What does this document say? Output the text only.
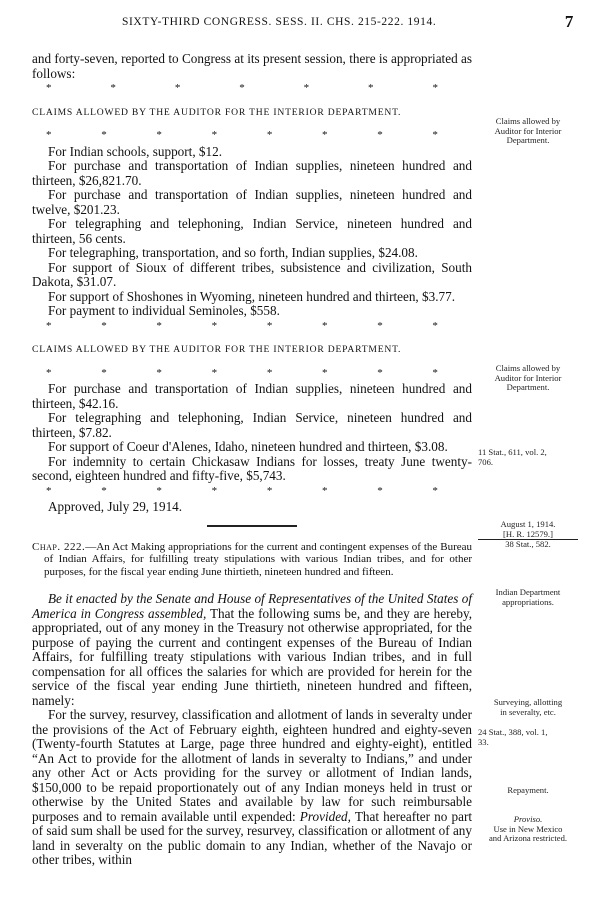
SIXTY-THIRD CONGRESS. SESS. II. CHS. 215-222. 1914.	7

and forty-seven, reported to Congress at its present session, there is appropriated as follows:

*	*	*	*	*	*	*

CLAIMS ALLOWED BY THE AUDITOR FOR THE INTERIOR DEPARTMENT.

*	*	*	*	*	*	*	*

For Indian schools, support, $12.

For purchase and transportation of Indian supplies, nineteen hundred and thirteen, $26,821.70.

For purchase and transportation of Indian supplies, nineteen hundred and twelve, $201.23.

For telegraphing and telephoning, Indian Service, nineteen hundred and thirteen, 56 cents.

For telegraphing, transportation, and so forth, Indian supplies, $24.08.

For support of Sioux of different tribes, subsistence and civilization, South Dakota, $31.07.

For support of Shoshones in Wyoming, nineteen hundred and thirteen, $3.77.

For payment to individual Seminoles, $558.

*	*	*	*	*	*	*	*

CLAIMS ALLOWED BY THE AUDITOR FOR THE INTERIOR DEPARTMENT.

*	*	*	*	*	*	*	*

For purchase and transportation of Indian supplies, nineteen hundred and thirteen, $42.16.

For telegraphing and telephoning, Indian Service, nineteen hundred and thirteen, $7.82.

For support of Coeur d'Alenes, Idaho, nineteen hundred and thirteen, $3.08.

For indemnity to certain Chickasaw Indians for losses, treaty June twenty-second, eighteen hundred and fifty-five, $5,743.

*	*	*	*	*	*	*	*

Approved, July 29, 1914.

Chap. 222.—An Act Making appropriations for the current and contingent expenses of the Bureau of Indian Affairs, for fulfilling treaty stipulations with various Indian tribes, and for other purposes, for the fiscal year ending June thirtieth, nineteen hundred and fifteen.

Be it enacted by the Senate and House of Representatives of the United States of America in Congress assembled, That the following sums be, and they are hereby, appropriated, out of any money in the Treasury not otherwise appropriated, for the purpose of paying the current and contingent expenses of the Bureau of Indian Affairs, for fulfilling treaty stipulations with various Indian tribes, and in full compensation for all offices the salaries for which are provided for herein for the service of the fiscal year ending June thirtieth, nineteen hundred and fifteen, namely:

For the survey, resurvey, classification and allotment of lands in severalty under the provisions of the Act of February eighth, eighteen hundred and eighty-seven (Twenty-fourth Statutes at Large, page three hundred and eighty-eight), entitled “An Act to provide for the allotment of lands in severalty to Indians,” and under any other Act or Acts providing for the survey or allotment of Indian lands, $150,000 to be repaid proportionately out of any Indian moneys held in trust or otherwise by the United States and available by law for such reimbursable purposes and to remain available until expended: Provided, That hereafter no part of said sum shall be used for the survey, resurvey, classification or allotment of any land in severalty on the public domain to any Indian, whether of the Navajo or other tribes, within

Claims allowed by

Auditor for Interior

Department.

Claims allowed by

Auditor for Interior

Department.

11 Stat., 611, vol. 2,

706.

August 1, 1914.

[H. R. 12579.]

38 Stat., 582.

Indian Department

appropriations.

Surveying, allotting

in severalty, etc.

24 Stat., 388, vol. 1,

33.

Repayment.

Proviso.

Use in New Mexico

and Arizona restricted.
